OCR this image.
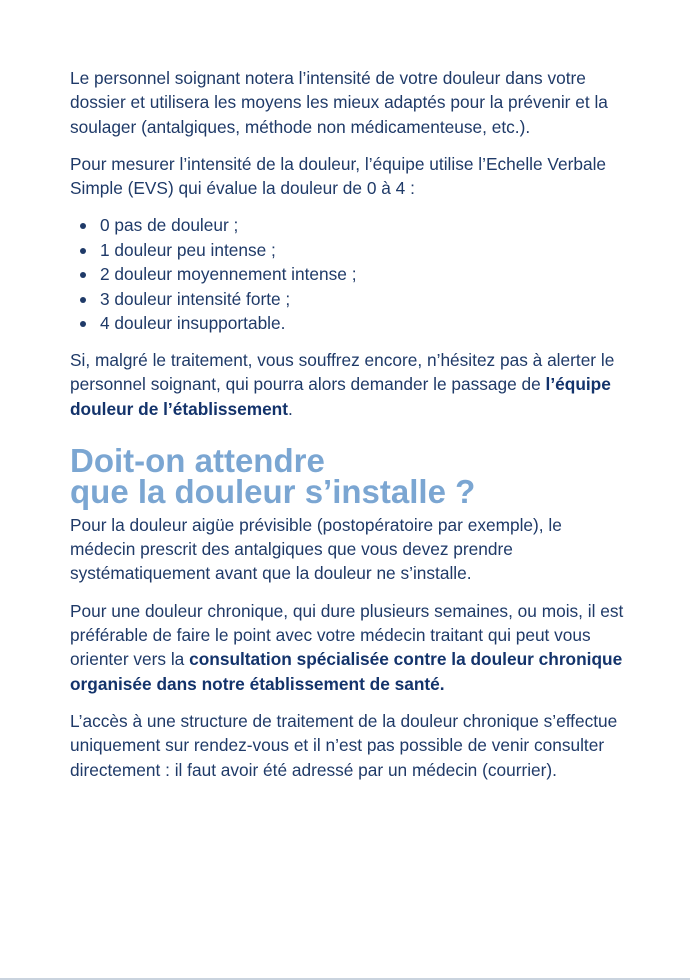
Le personnel soignant notera l’intensité de votre douleur dans votre dossier et utilisera les moyens les mieux adaptés pour la prévenir et la soulager (antalgiques, méthode non médicamenteuse, etc.).

Pour mesurer l’intensité de la douleur, l’équipe utilise l’Echelle Verbale Simple (EVS) qui évalue la douleur de 0 à 4 :

0 pas de douleur ;
1 douleur peu intense ;
2 douleur moyennement intense ;
3 douleur intensité forte ;
4 douleur insupportable.

Si, malgré le traitement, vous souffrez encore, n’hésitez pas à alerter le personnel soignant, qui pourra alors demander le passage de l’équipe douleur de l’établissement.

Doit-on attendre
que la douleur s’installe ?

Pour la douleur aigüe prévisible (postopératoire par exemple), le médecin prescrit des antalgiques que vous devez prendre systématiquement avant que la douleur ne s’installe.

Pour une douleur chronique, qui dure plusieurs semaines, ou mois, il est préférable de faire le point avec votre médecin traitant qui peut vous orienter vers la consultation spécialisée contre la douleur chronique organisée dans notre établissement de santé.

L’accès à une structure de traitement de la douleur chronique s’effectue uniquement sur rendez-vous et il n’est pas possible de venir consulter directement : il faut avoir été adressé par un médecin (courrier).
